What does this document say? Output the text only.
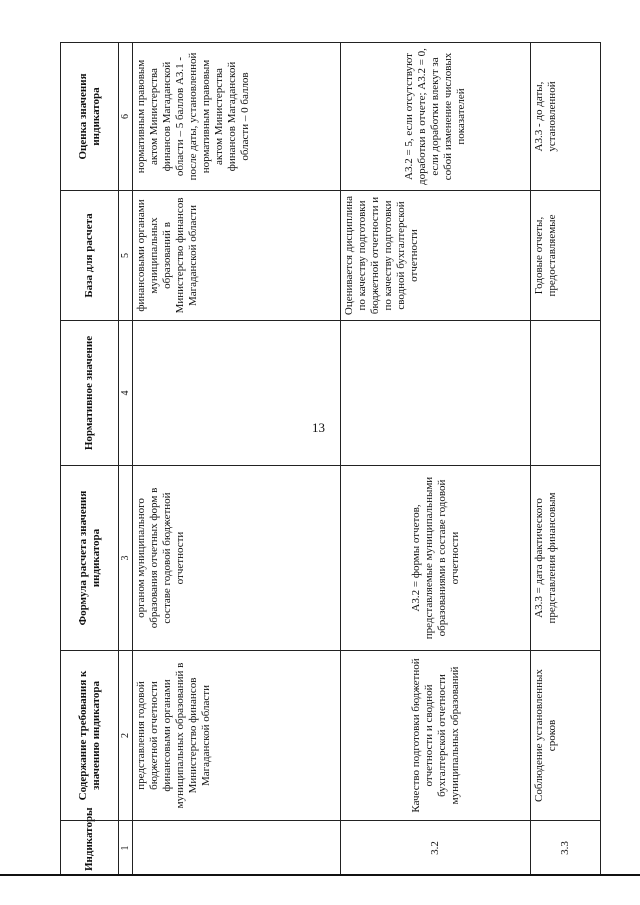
13
Индикаторы	Содержание требования к значению индикатора	Формула расчета значения индикатора	Нормативное значение	База для расчета	Оценка значения индикатора
1	2	3	4	5	6
	представления годовой бюджетной отчетности финансовыми органами муниципальных образований в Министерство финансов Магаданской области	органом муниципального образования отчетных форм в составе годовой бюджетной отчетности		финансовыми органами муниципальных образований в Министерство финансов Магаданской области	нормативным правовым актом Министерства финансов Магаданской области – 5 баллов А3.1 - после даты, установленной нормативным правовым актом Министерства финансов Магаданской области – 0 баллов
3.2	Качество подготовки бюджетной отчетности и сводной бухгалтерской отчетности муниципальных образований	А3.2 = формы отчетов, представляемые муниципальными образованиями в составе годовой отчетности		Оценивается дисциплина по качеству подготовки бюджетной отчетности и по качеству подготовки сводной бухгалтерской отчетности	А3.2 = 5, если отсутствуют доработки в отчете; А3.2 = 0, если доработки влекут за собой изменение числовых показателей
3.3	Соблюдение установленных сроков	А3.3 = дата фактического представления финансовым		Годовые отчеты, предоставляемые	А3.3 - до даты, установленной
